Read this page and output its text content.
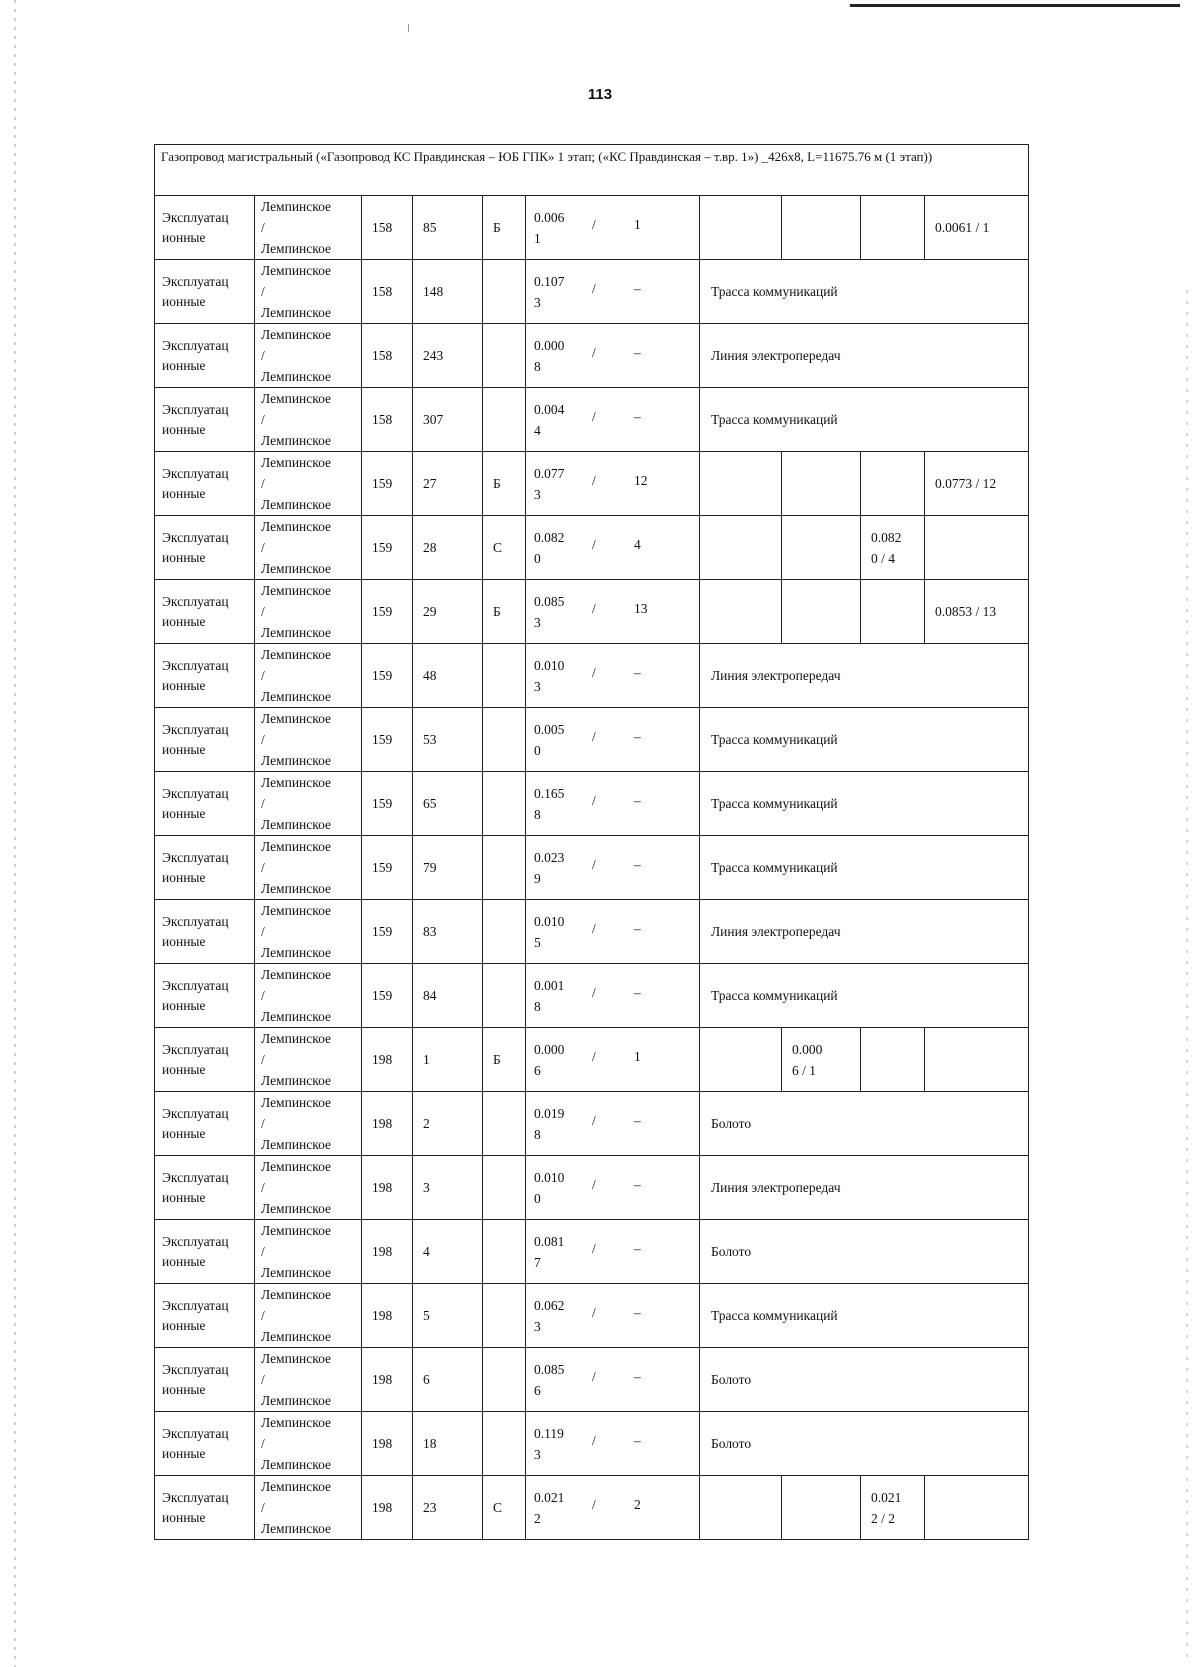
113
Газопровод магистральный («Газопровод КС Правдинская – ЮБ ГПК» 1 этап; («КС Правдинская – т.вр. 1») _426x8, L=11675.76 м (1 этап))									
Эксплуатац
ионные	Лемпинское
/
Лемпинское	158	85	Б	0.006
1
/ 1				0.0061 / 1
Эксплуатац
ионные	Лемпинское
/
Лемпинское	158	148		0.107
3
/ –	Трасса коммуникаций			
Эксплуатац
ионные	Лемпинское
/
Лемпинское	158	243		0.000
8
/ –	Линия электропередач			
Эксплуатац
ионные	Лемпинское
/
Лемпинское	158	307		0.004
4
/ –	Трасса коммуникаций			
Эксплуатац
ионные	Лемпинское
/
Лемпинское	159	27	Б	0.077
3
/ 12				0.0773 / 12
Эксплуатац
ионные	Лемпинское
/
Лемпинское	159	28	С	0.082
0
/ 4			0.082
0 / 4	
Эксплуатац
ионные	Лемпинское
/
Лемпинское	159	29	Б	0.085
3
/ 13				0.0853 / 13
Эксплуатац
ионные	Лемпинское
/
Лемпинское	159	48		0.010
3
/ –	Линия электропередач			
Эксплуатац
ионные	Лемпинское
/
Лемпинское	159	53		0.005
0
/ –	Трасса коммуникаций			
Эксплуатац
ионные	Лемпинское
/
Лемпинское	159	65		0.165
8
/ –	Трасса коммуникаций			
Эксплуатац
ионные	Лемпинское
/
Лемпинское	159	79		0.023
9
/ –	Трасса коммуникаций			
Эксплуатац
ионные	Лемпинское
/
Лемпинское	159	83		0.010
5
/ –	Линия электропередач			
Эксплуатац
ионные	Лемпинское
/
Лемпинское	159	84		0.001
8
/ –	Трасса коммуникаций			
Эксплуатац
ионные	Лемпинское
/
Лемпинское	198	1	Б	0.000
6
/ 1		0.000
6 / 1		
Эксплуатац
ионные	Лемпинское
/
Лемпинское	198	2		0.019
8
/ –	Болото			
Эксплуатац
ионные	Лемпинское
/
Лемпинское	198	3		0.010
0
/ –	Линия электропередач			
Эксплуатац
ионные	Лемпинское
/
Лемпинское	198	4		0.081
7
/ –	Болото			
Эксплуатац
ионные	Лемпинское
/
Лемпинское	198	5		0.062
3
/ –	Трасса коммуникаций			
Эксплуатац
ионные	Лемпинское
/
Лемпинское	198	6		0.085
6
/ –	Болото			
Эксплуатац
ионные	Лемпинское
/
Лемпинское	198	18		0.119
3
/ –	Болото			
Эксплуатац
ионные	Лемпинское
/
Лемпинское	198	23	С	0.021
2
/ 2			0.021
2 / 2	
